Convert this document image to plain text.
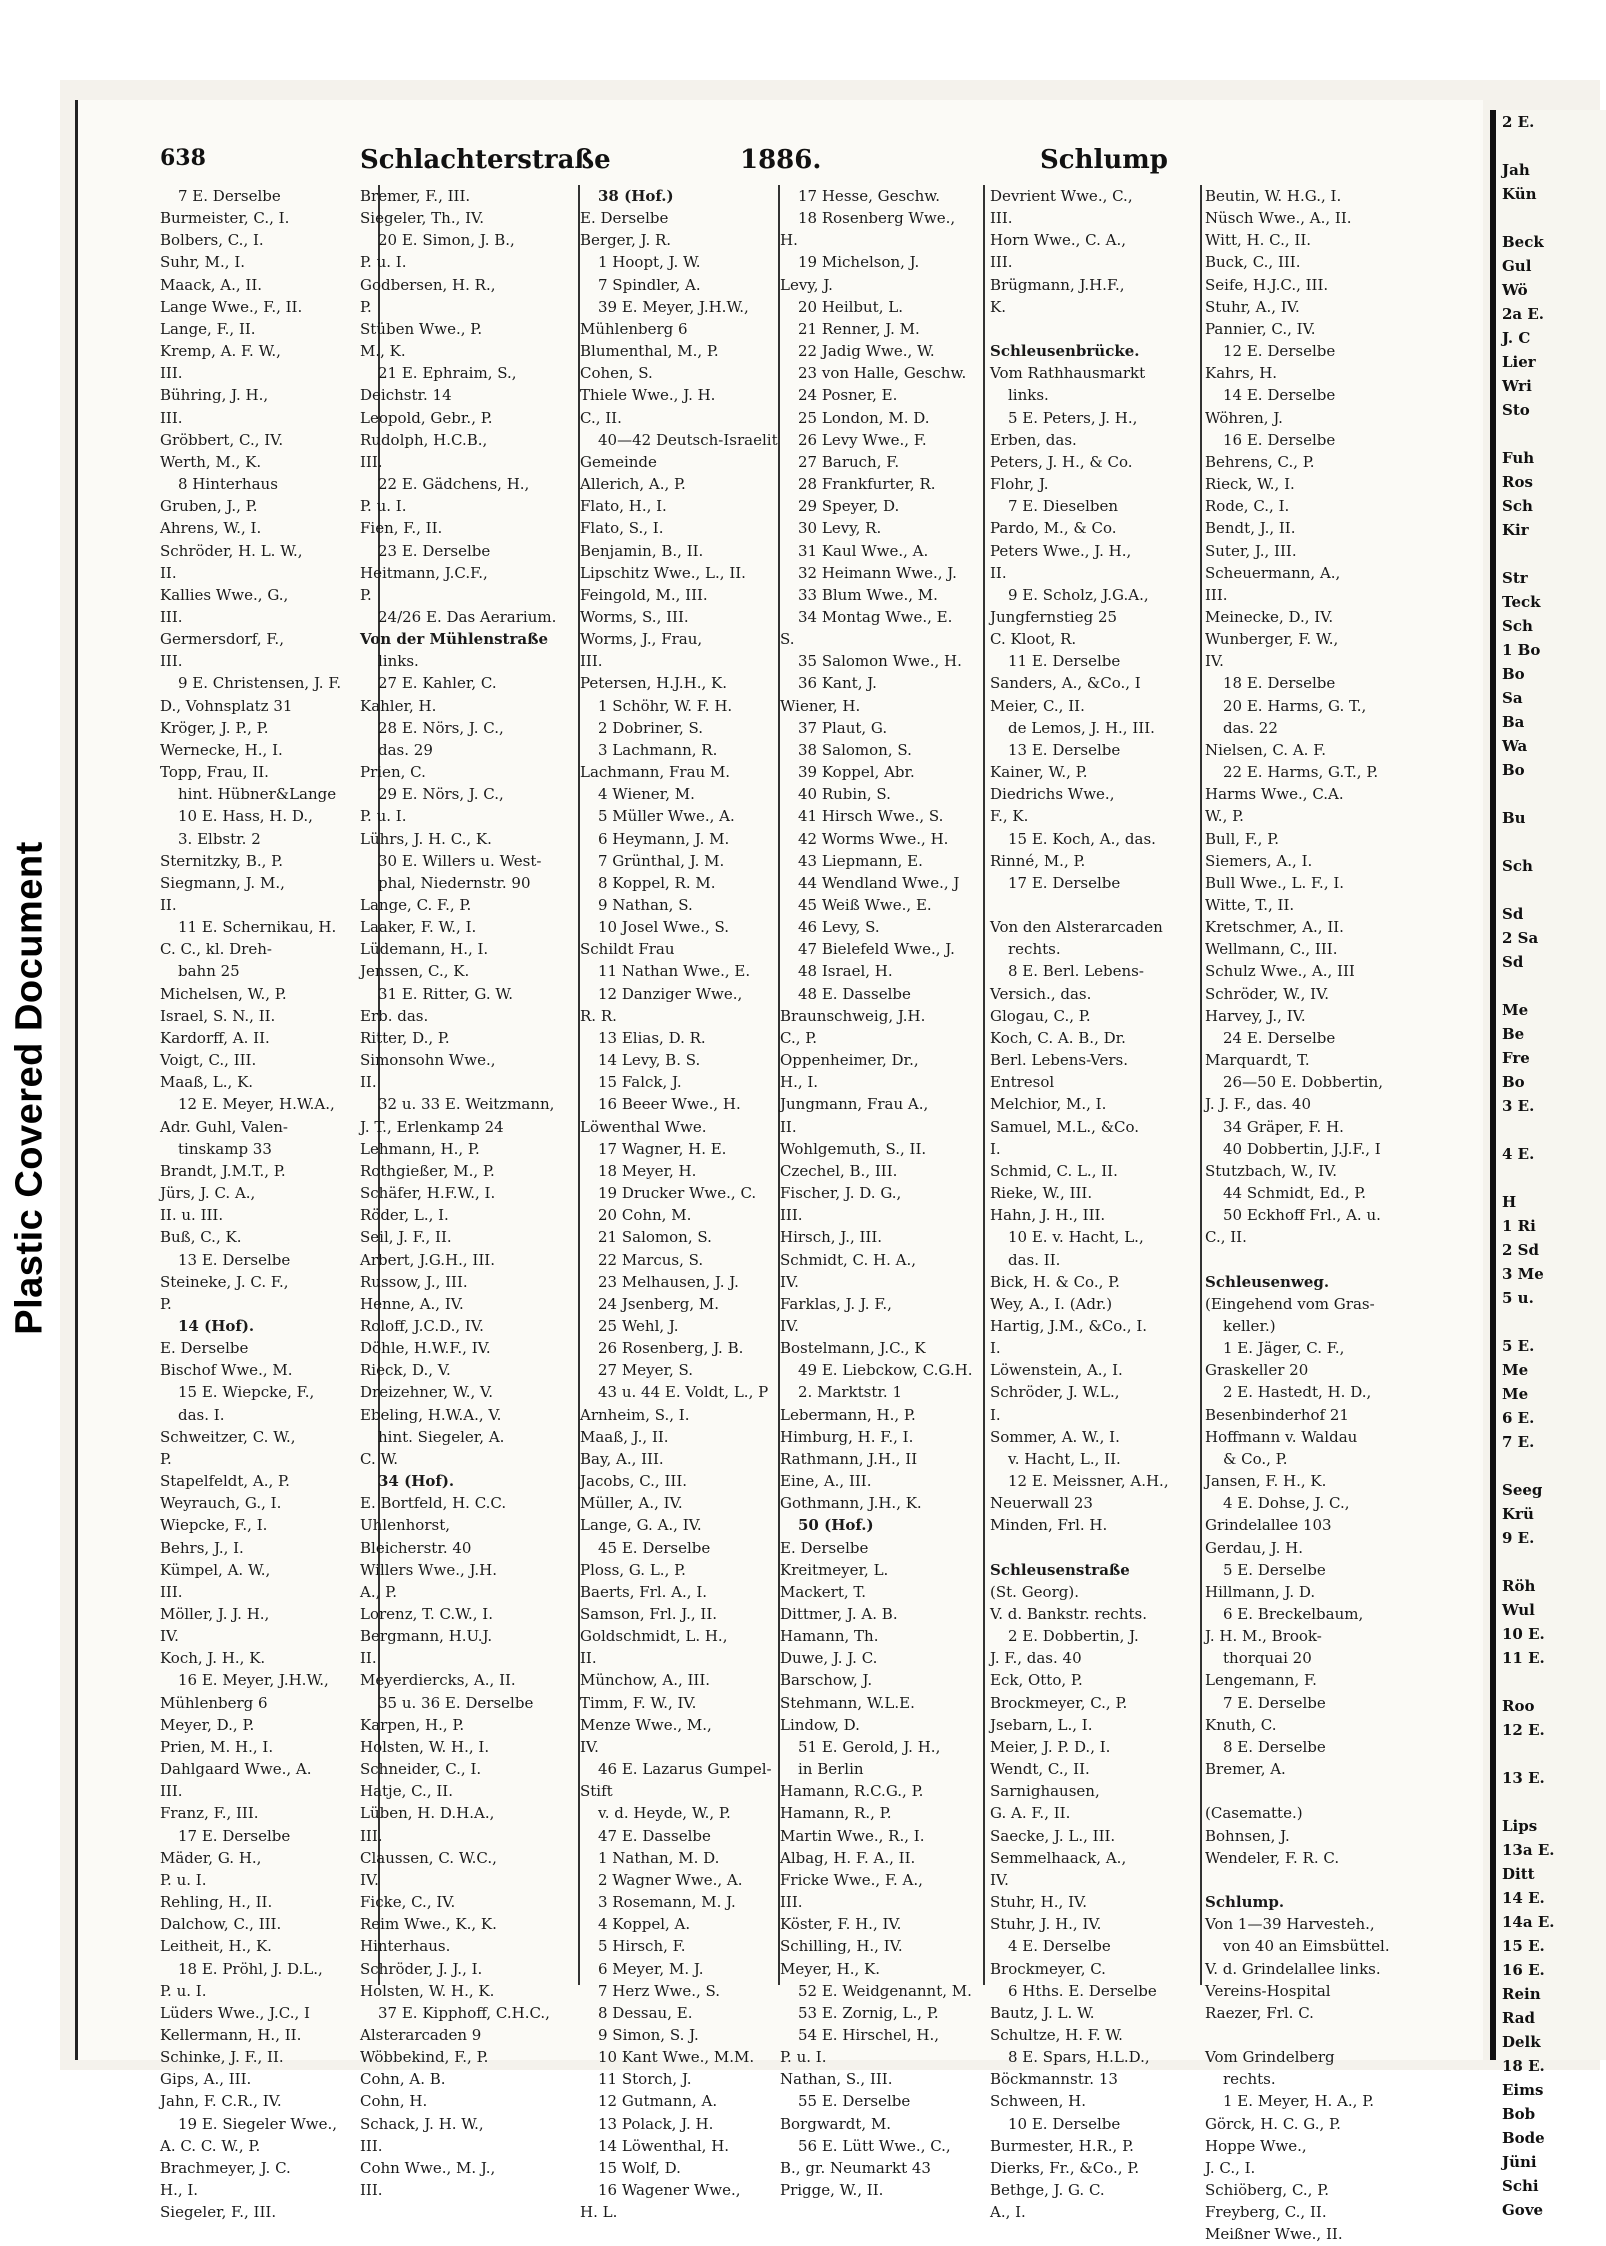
Plastic Covered Document
638	Schlachterstraße	1886.	Schlump
7 E. Derselbe
Burmeister, C., I.
Bolbers, C., I.
Suhr, M., I.
Maack, A., II.
Lange Wwe., F., II.
Lange, F., II.
Kremp, A. F. W.,
III.
Bühring, J. H.,
III.
Gröbbert, C., IV.
Werth, M., K.
8 Hinterhaus
Gruben, J., P.
Ahrens, W., I.
Schröder, H. L. W.,
II.
Kallies Wwe., G.,
III.
Germersdorf, F.,
III.
9 E. Christensen, J. F.
D., Vohnsplatz 31
Kröger, J. P., P.
Wernecke, H., I.
Topp, Frau, II.
hint. Hübner&Lange
10 E. Hass, H. D.,
3. Elbstr. 2
Sternitzky, B., P.
Siegmann, J. M.,
II.
11 E. Schernikau, H.
C. C., kl. Dreh-
bahn 25
Michelsen, W., P.
Israel, S. N., II.
Kardorff, A. II.
Voigt, C., III.
Maaß, L., K.
12 E. Meyer, H.W.A.,
Adr. Guhl, Valen-
tinskamp 33
Brandt, J.M.T., P.
Jürs, J. C. A.,
II. u. III.
Buß, C., K.
13 E. Derselbe
Steineke, J. C. F.,
P.
14 (Hof).
E. Derselbe
Bischof Wwe., M.
15 E. Wiepcke, F.,
das. I.
Schweitzer, C. W.,
P.
Stapelfeldt, A., P.
Weyrauch, G., I.
Wiepcke, F., I.
Behrs, J., I.
Kümpel, A. W.,
III.
Möller, J. J. H.,
IV.
Koch, J. H., K.
16 E. Meyer, J.H.W.,
Mühlenberg 6
Meyer, D., P.
Prien, M. H., I.
Dahlgaard Wwe., A.
III.
Franz, F., III.
17 E. Derselbe
Mäder, G. H.,
P. u. I.
Rehling, H., II.
Dalchow, C., III.
Leitheit, H., K.
18 E. Pröhl, J. D.L.,
P. u. I.
Lüders Wwe., J.C., I
Kellermann, H., II.
Schinke, J. F., II.
Gips, A., III.
Jahn, F. C.R., IV.
19 E. Siegeler Wwe.,
A. C. C. W., P.
Brachmeyer, J. C.
H., I.
Siegeler, F., III.
Bremer, F., III.
Siegeler, Th., IV.
20 E. Simon, J. B.,
P. u. I.
Godbersen, H. R.,
P.
Stüben Wwe., P.
M., K.
21 E. Ephraim, S.,
Deichstr. 14
Leopold, Gebr., P.
Rudolph, H.C.B.,
III.
22 E. Gädchens, H.,
P. u. I.
Fien, F., II.
23 E. Derselbe
Heitmann, J.C.F.,
P.
24/26 E. Das Aerarium.
Von der Mühlenstraße
links.
27 E. Kahler, C.
Kahler, H.
28 E. Nörs, J. C.,
das. 29
Prien, C.
29 E. Nörs, J. C.,
P. u. I.
Lührs, J. H. C., K.
30 E. Willers u. West-
phal, Niedernstr. 90
Lange, C. F., P.
Laaker, F. W., I.
Lüdemann, H., I.
Jenssen, C., K.
31 E. Ritter, G. W.
Erb. das.
Ritter, D., P.
Simonsohn Wwe.,
II.
32 u. 33 E. Weitzmann,
J. T., Erlenkamp 24
Lehmann, H., P.
Rothgießer, M., P.
Schäfer, H.F.W., I.
Röder, L., I.
Seil, J. F., II.
Arbert, J.G.H., III.
Russow, J., III.
Henne, A., IV.
Roloff, J.C.D., IV.
Döhle, H.W.F., IV.
Rieck, D., V.
Dreizehner, W., V.
Ebeling, H.W.A., V.
hint. Siegeler, A.
C. W.
34 (Hof).
E. Bortfeld, H. C.C.
Uhlenhorst,
Bleicherstr. 40
Willers Wwe., J.H.
A., P.
Lorenz, T. C.W., I.
Bergmann, H.U.J.
II.
Meyerdiercks, A., II.
35 u. 36 E. Derselbe
Karpen, H., P.
Holsten, W. H., I.
Schneider, C., I.
Hatje, C., II.
Lüben, H. D.H.A.,
III.
Claussen, C. W.C.,
IV.
Ficke, C., IV.
Reim Wwe., K., K.
Hinterhaus.
Schröder, J. J., I.
Holsten, W. H., K.
37 E. Kipphoff, C.H.C.,
Alsterarcaden 9
Wöbbekind, F., P.
Cohn, A. B.
Cohn, H.
Schack, J. H. W.,
III.
Cohn Wwe., M. J.,
III.
38 (Hof.)
E. Derselbe
Berger, J. R.
1 Hoopt, J. W.
7 Spindler, A.
39 E. Meyer, J.H.W.,
Mühlenberg 6
Blumenthal, M., P.
Cohen, S.
Thiele Wwe., J. H.
C., II.
40—42 Deutsch-Israelit
Gemeinde
Allerich, A., P.
Flato, H., I.
Flato, S., I.
Benjamin, B., II.
Lipschitz Wwe., L., II.
Feingold, M., III.
Worms, S., III.
Worms, J., Frau,
III.
Petersen, H.J.H., K.
1 Schöhr, W. F. H.
2 Dobriner, S.
3 Lachmann, R.
Lachmann, Frau M.
4 Wiener, M.
5 Müller Wwe., A.
6 Heymann, J. M.
7 Grünthal, J. M.
8 Koppel, R. M.
9 Nathan, S.
10 Josel Wwe., S.
Schildt Frau
11 Nathan Wwe., E.
12 Danziger Wwe.,
R. R.
13 Elias, D. R.
14 Levy, B. S.
15 Falck, J.
16 Beeer Wwe., H.
Löwenthal Wwe.
17 Wagner, H. E.
18 Meyer, H.
19 Drucker Wwe., C.
20 Cohn, M.
21 Salomon, S.
22 Marcus, S.
23 Melhausen, J. J.
24 Jsenberg, M.
25 Wehl, J.
26 Rosenberg, J. B.
27 Meyer, S.
43 u. 44 E. Voldt, L., P
Arnheim, S., I.
Maaß, J., II.
Bay, A., III.
Jacobs, C., III.
Müller, A., IV.
Lange, G. A., IV.
45 E. Derselbe
Ploss, G. L., P.
Baerts, Frl. A., I.
Samson, Frl. J., II.
Goldschmidt, L. H.,
II.
Münchow, A., III.
Timm, F. W., IV.
Menze Wwe., M.,
IV.
46 E. Lazarus Gumpel-
Stift
v. d. Heyde, W., P.
47 E. Dasselbe
1 Nathan, M. D.
2 Wagner Wwe., A.
3 Rosemann, M. J.
4 Koppel, A.
5 Hirsch, F.
6 Meyer, M. J.
7 Herz Wwe., S.
8 Dessau, E.
9 Simon, S. J.
10 Kant Wwe., M.M.
11 Storch, J.
12 Gutmann, A.
13 Polack, J. H.
14 Löwenthal, H.
15 Wolf, D.
16 Wagener Wwe.,
H. L.
17 Hesse, Geschw.
18 Rosenberg Wwe.,
H.
19 Michelson, J.
Levy, J.
20 Heilbut, L.
21 Renner, J. M.
22 Jadig Wwe., W.
23 von Halle, Geschw.
24 Posner, E.
25 London, M. D.
26 Levy Wwe., F.
27 Baruch, F.
28 Frankfurter, R.
29 Speyer, D.
30 Levy, R.
31 Kaul Wwe., A.
32 Heimann Wwe., J.
33 Blum Wwe., M.
34 Montag Wwe., E.
S.
35 Salomon Wwe., H.
36 Kant, J.
Wiener, H.
37 Plaut, G.
38 Salomon, S.
39 Koppel, Abr.
40 Rubin, S.
41 Hirsch Wwe., S.
42 Worms Wwe., H.
43 Liepmann, E.
44 Wendland Wwe., J
45 Weiß Wwe., E.
46 Levy, S.
47 Bielefeld Wwe., J.
48 Israel, H.
48 E. Dasselbe
Braunschweig, J.H.
C., P.
Oppenheimer, Dr.,
H., I.
Jungmann, Frau A.,
II.
Wohlgemuth, S., II.
Czechel, B., III.
Fischer, J. D. G.,
III.
Hirsch, J., III.
Schmidt, C. H. A.,
IV.
Farklas, J. J. F.,
IV.
Bostelmann, J.C., K
49 E. Liebckow, C.G.H.
2. Marktstr. 1
Lebermann, H., P.
Himburg, H. F., I.
Rathmann, J.H., II
Eine, A., III.
Gothmann, J.H., K.
50 (Hof.)
E. Derselbe
Kreitmeyer, L.
Mackert, T.
Dittmer, J. A. B.
Hamann, Th.
Duwe, J. J. C.
Barschow, J.
Stehmann, W.L.E.
Lindow, D.
51 E. Gerold, J. H.,
in Berlin
Hamann, R.C.G., P.
Hamann, R., P.
Martin Wwe., R., I.
Albag, H. F. A., II.
Fricke Wwe., F. A.,
III.
Köster, F. H., IV.
Schilling, H., IV.
Meyer, H., K.
52 E. Weidgenannt, M.
53 E. Zornig, L., P.
54 E. Hirschel, H.,
P. u. I.
Nathan, S., III.
55 E. Derselbe
Borgwardt, M.
56 E. Lütt Wwe., C.,
B., gr. Neumarkt 43
Prigge, W., II.
Devrient Wwe., C.,
III.
Horn Wwe., C. A.,
III.
Brügmann, J.H.F.,
K.

Schleusenbrücke.
Vom Rathhausmarkt
links.
5 E. Peters, J. H.,
Erben, das.
Peters, J. H., & Co.
Flohr, J.
7 E. Dieselben
Pardo, M., & Co.
Peters Wwe., J. H.,
II.
9 E. Scholz, J.G.A.,
Jungfernstieg 25
C. Kloot, R.
11 E. Derselbe
Sanders, A., &Co., I
Meier, C., II.
de Lemos, J. H., III.
13 E. Derselbe
Kainer, W., P.
Diedrichs Wwe.,
F., K.
15 E. Koch, A., das.
Rinné, M., P.
17 E. Derselbe

Von den Alsterarcaden
rechts.
8 E. Berl. Lebens-
Versich., das.
Glogau, C., P.
Koch, C. A. B., Dr.
Berl. Lebens-Vers.
Entresol
Melchior, M., I.
Samuel, M.L., &Co.
I.
Schmid, C. L., II.
Rieke, W., III.
Hahn, J. H., III.
10 E. v. Hacht, L.,
das. II.
Bick, H. & Co., P.
Wey, A., I. (Adr.)
Hartig, J.M., &Co., I.
I.
Löwenstein, A., I.
Schröder, J. W.L.,
I.
Sommer, A. W., I.
v. Hacht, L., II.
12 E. Meissner, A.H.,
Neuerwall 23
Minden, Frl. H.

Schleusenstraße
(St. Georg).
V. d. Bankstr. rechts.
2 E. Dobbertin, J.
J. F., das. 40
Eck, Otto, P.
Brockmeyer, C., P.
Jsebarn, L., I.
Meier, J. P. D., I.
Wendt, C., II.
Sarnighausen,
G. A. F., II.
Saecke, J. L., III.
Semmelhaack, A.,
IV.
Stuhr, H., IV.
Stuhr, J. H., IV.
4 E. Derselbe
Brockmeyer, C.
6 Hths. E. Derselbe
Bautz, J. L. W.
Schultze, H. F. W.
8 E. Spars, H.L.D.,
Böckmannstr. 13
Schween, H.
10 E. Derselbe
Burmester, H.R., P.
Dierks, Fr., &Co., P.
Bethge, J. G. C.
A., I.
Beutin, W. H.G., I.
Nüsch Wwe., A., II.
Witt, H. C., II.
Buck, C., III.
Seife, H.J.C., III.
Stuhr, A., IV.
Pannier, C., IV.
12 E. Derselbe
Kahrs, H.
14 E. Derselbe
Wöhren, J.
16 E. Derselbe
Behrens, C., P.
Rieck, W., I.
Rode, C., I.
Bendt, J., II.
Suter, J., III.
Scheuermann, A.,
III.
Meinecke, D., IV.
Wunberger, F. W.,
IV.
18 E. Derselbe
20 E. Harms, G. T.,
das. 22
Nielsen, C. A. F.
22 E. Harms, G.T., P.
Harms Wwe., C.A.
W., P.
Bull, F., P.
Siemers, A., I.
Bull Wwe., L. F., I.
Witte, T., II.
Kretschmer, A., II.
Wellmann, C., III.
Schulz Wwe., A., III
Schröder, W., IV.
Harvey, J., IV.
24 E. Derselbe
Marquardt, T.
26—50 E. Dobbertin,
J. J. F., das. 40
34 Gräper, F. H.
40 Dobbertin, J.J.F., I
Stutzbach, W., IV.
44 Schmidt, Ed., P.
50 Eckhoff Frl., A. u.
C., II.

Schleusenweg.
(Eingehend vom Gras-
keller.)
1 E. Jäger, C. F.,
Graskeller 20
2 E. Hastedt, H. D.,
Besenbinderhof 21
Hoffmann v. Waldau
& Co., P.
Jansen, F. H., K.
4 E. Dohse, J. C.,
Grindelallee 103
Gerdau, J. H.
5 E. Derselbe
Hillmann, J. D.
6 E. Breckelbaum,
J. H. M., Brook-
thorquai 20
Lengemann, F.
7 E. Derselbe
Knuth, C.
8 E. Derselbe
Bremer, A.

(Casematte.)
Bohnsen, J.
Wendeler, F. R. C.

Schlump.
Von 1—39 Harvesteh.,
von 40 an Eimsbüttel.
V. d. Grindelallee links.
Vereins-Hospital
Raezer, Frl. C.

Vom Grindelberg
rechts.
1 E. Meyer, H. A., P.
Görck, H. C. G., P.
Hoppe Wwe.,
J. C., I.
Schiöberg, C., P.
Freyberg, C., II.
Meißner Wwe., II.
2 E.

Jah
Kün

Beck
Gul
Wö
2a E.
J. C
Lier
Wri
Sto

Fuh
Ros
Sch
Kir

Str
Teck
Sch
1 Bo
Bo
Sa
Ba
Wa
Bo

Bu

Sch

Sd
2 Sa
Sd

Me
Be
Fre
Bo
3 E.

4 E.

H
1 Ri
2 Sd
3 Me
5 u.

5 E.
Me
Me
6 E.
7 E.

Seeg
Krü
9 E.

Röh
Wul
10 E.
11 E.

Roo
12 E.

13 E.

Lips
13a E.
Ditt
14 E.
14a E.
15 E.
16 E.
Rein
Rad
Delk
18 E.
Eims
Bob
Bode
Jüni
Schi
Gove
